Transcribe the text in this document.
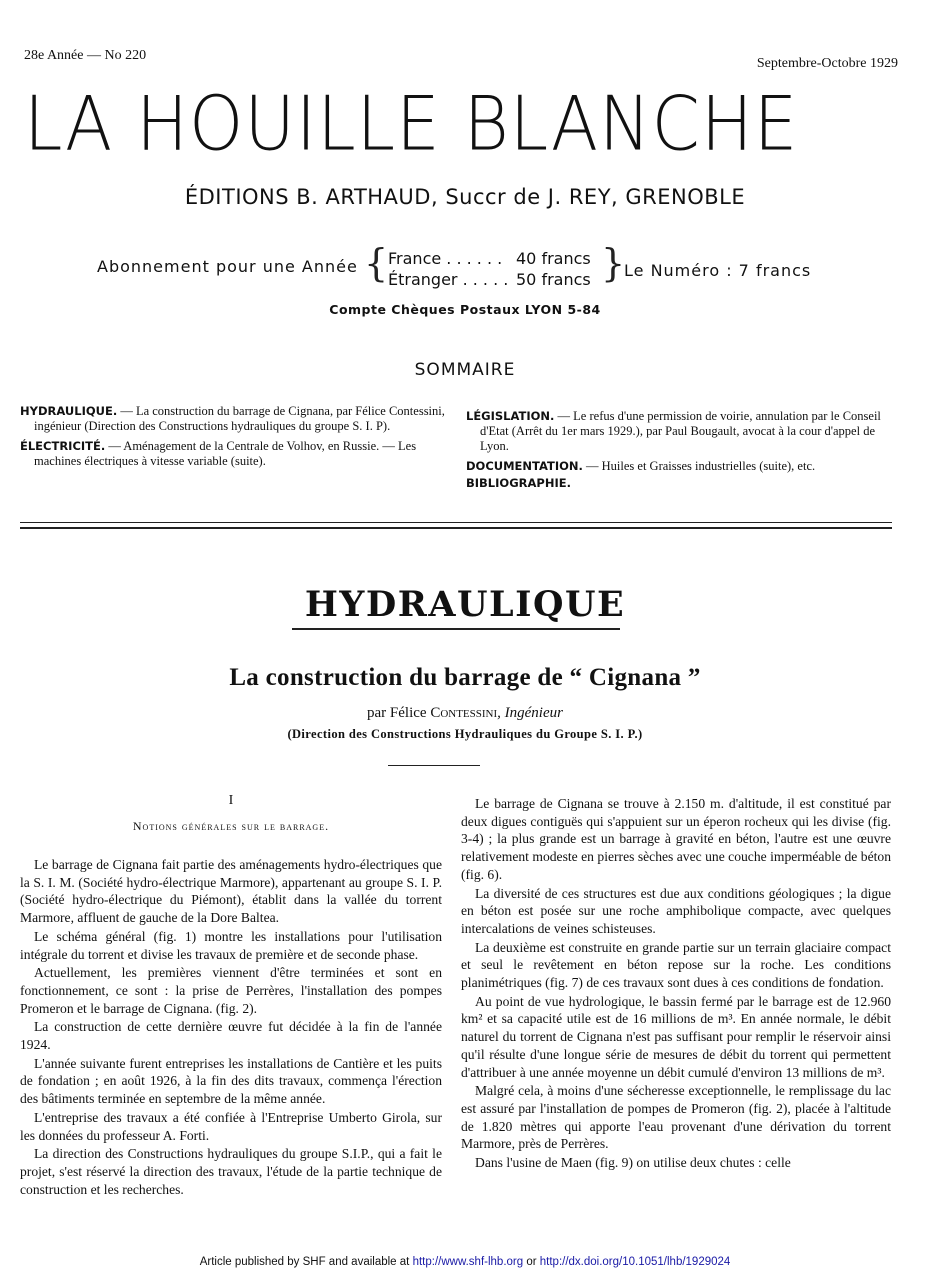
28e Année — No 220
Septembre-Octobre 1929
LA HOUILLE BLANCHE
ÉDITIONS B. ARTHAUD, Succr de J. REY, GRENOBLE
Abonnement pour une Année { France . . . . . . 40 francs
Étranger . . . . . 50 francs }
Le Numéro : 7 francs
Compte Chèques Postaux LYON 5-84
SOMMAIRE

HYDRAULIQUE. — La construction du barrage de Cignana, par Félice Contessini, ingénieur (Direction des Constructions hydrauliques du groupe S. I. P).

ÉLECTRICITÉ. — Aménagement de la Centrale de Volhov, en Russie. — Les machines électriques à vitesse variable (suite).

LÉGISLATION. — Le refus d'une permission de voirie, annulation par le Conseil d'Etat (Arrêt du 1er mars 1929.), par Paul Bougault, avocat à la cour d'appel de Lyon.

DOCUMENTATION. — Huiles et Graisses industrielles (suite), etc.

BIBLIOGRAPHIE.

HYDRAULIQUE
La construction du barrage de “ Cignana ”
par Félice Contessini, Ingénieur
(Direction des Constructions Hydrauliques du Groupe S. I. P.)
I
Notions générales sur le barrage.

Le barrage de Cignana fait partie des aménagements hydro-électriques que la S. I. M. (Société hydro-électrique Marmore), appartenant au groupe S. I. P. (Société hydro-électrique du Piémont), établit dans la vallée du torrent Marmore, affluent de gauche de la Dore Baltea.

Le schéma général (fig. 1) montre les installations pour l'utilisation intégrale du torrent et divise les travaux de première et de seconde phase.

Actuellement, les premières viennent d'être terminées et sont en fonctionnement, ce sont : la prise de Perrères, l'installation des pompes Promeron et le barrage de Cignana. (fig. 2).

La construction de cette dernière œuvre fut décidée à la fin de l'année 1924.

L'année suivante furent entreprises les installations de Cantière et les puits de fondation ; en août 1926, à la fin des dits travaux, commença l'érection des bâtiments terminée en septembre de la même année.

L'entreprise des travaux a été confiée à l'Entreprise Umberto Girola, sur les données du professeur A. Forti.

La direction des Constructions hydrauliques du groupe S.I.P., qui a fait le projet, s'est réservé la direction des travaux, l'étude de la partie technique de construction et les recherches.

Le barrage de Cignana se trouve à 2.150 m. d'altitude, il est constitué par deux digues contiguës qui s'appuient sur un éperon rocheux qui les divise (fig. 3-4) ; la plus grande est un barrage à gravité en béton, l'autre est une œuvre relativement modeste en pierres sèches avec une couche imperméable de béton (fig. 6).

La diversité de ces structures est due aux conditions géologiques ; la digue en béton est posée sur une roche amphibolique compacte, avec quelques intercalations de veines schisteuses.

La deuxième est construite en grande partie sur un terrain glaciaire compact et seul le revêtement en béton repose sur la roche. Les conditions planimétriques (fig. 7) de ces travaux sont dues à ces conditions de fondation.

Au point de vue hydrologique, le bassin fermé par le barrage est de 12.960 km² et sa capacité utile est de 16 millions de m³. En année normale, le débit naturel du torrent de Cignana n'est pas suffisant pour remplir le réservoir ainsi qu'il résulte d'une longue série de mesures de débit du torrent qui permettent d'attribuer à une année moyenne un débit cumulé d'environ 13 millions de m³.

Malgré cela, à moins d'une sécheresse exceptionnelle, le remplissage du lac est assuré par l'installation de pompes de Promeron (fig. 2), placée à l'altitude de 1.820 mètres qui apporte l'eau provenant d'une dérivation du torrent Marmore, près de Perrères.

Dans l'usine de Maen (fig. 9) on utilise deux chutes : celle

Article published by SHF and available at http://www.shf-lhb.org or http://dx.doi.org/10.1051/lhb/1929024
